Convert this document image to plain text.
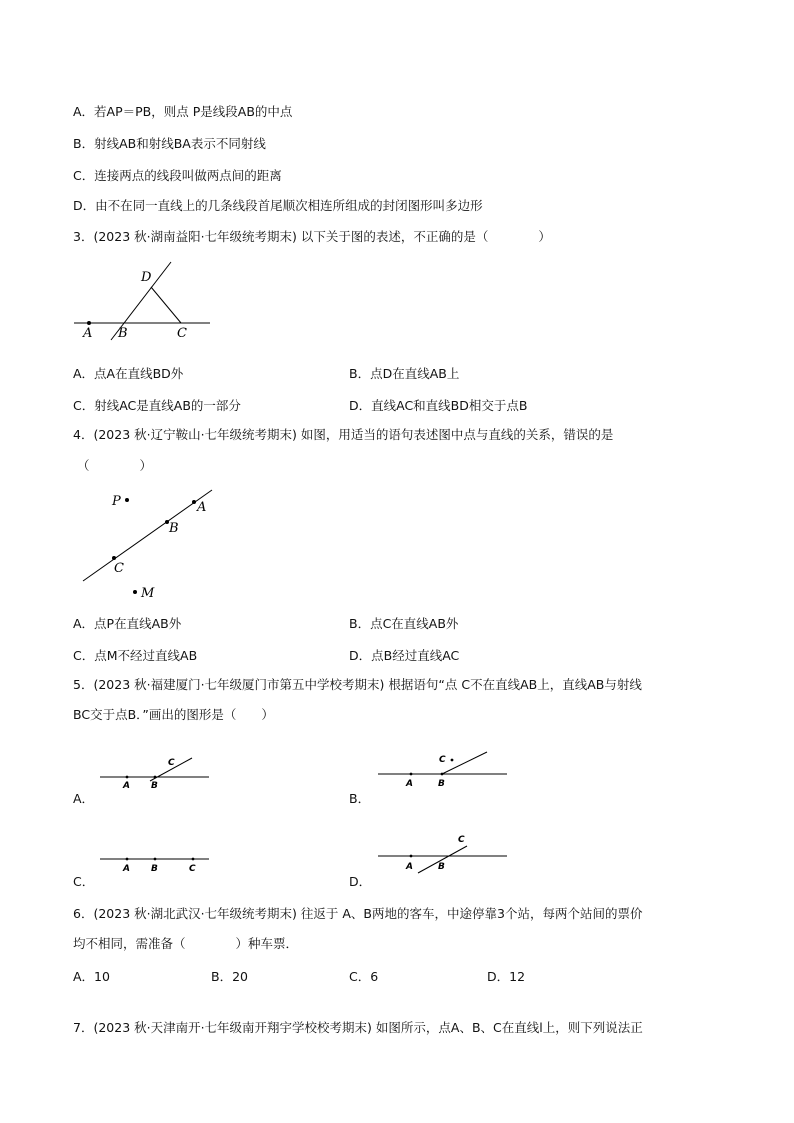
A．若AP＝PB，则点 P是线段AB的中点
B．射线AB和射线BA表示不同射线
C．连接两点的线段叫做两点间的距离
D．由不在同一直线上的几条线段首尾顺次相连所组成的封闭图形叫多边形
3．(2023 秋·湖南益阳·七年级统考期末) 以下关于图的表述，不正确的是（　　　　）
A B	C
D
A．点A在直线BD外	B．点D在直线AB上
C．射线AC是直线AB的一部分	D．直线AC和直线BD相交于点B
4．(2023 秋·辽宁鞍山·七年级统考期末) 如图，用适当的语句表述图中点与直线的关系，错误的是
（　　　　）
P	A
B
C
M
A．点P在直线AB外	B．点C在直线AB外
C．点M不经过直线AB	D．点B经过直线AC
5．(2023 秋·福建厦门·七年级厦门市第五中学校考期末) 根据语句“点 C不在直线AB上，直线AB与射线
BC交于点B．”画出的图形是（　　）
A B
C
A．
A	B
C
B．
A B	C
C．
A	B
C
D．
6．(2023 秋·湖北武汉·七年级统考期末) 往返于 A、B两地的客车，中途停靠3个站，每两个站间的票价
均不相同，需准备（　　　　）种车票．
A．10	B．20	C．6	D．12
7．(2023 秋·天津南开·七年级南开翔宇学校校考期末) 如图所示，点A、B、C在直线l上，则下列说法正
